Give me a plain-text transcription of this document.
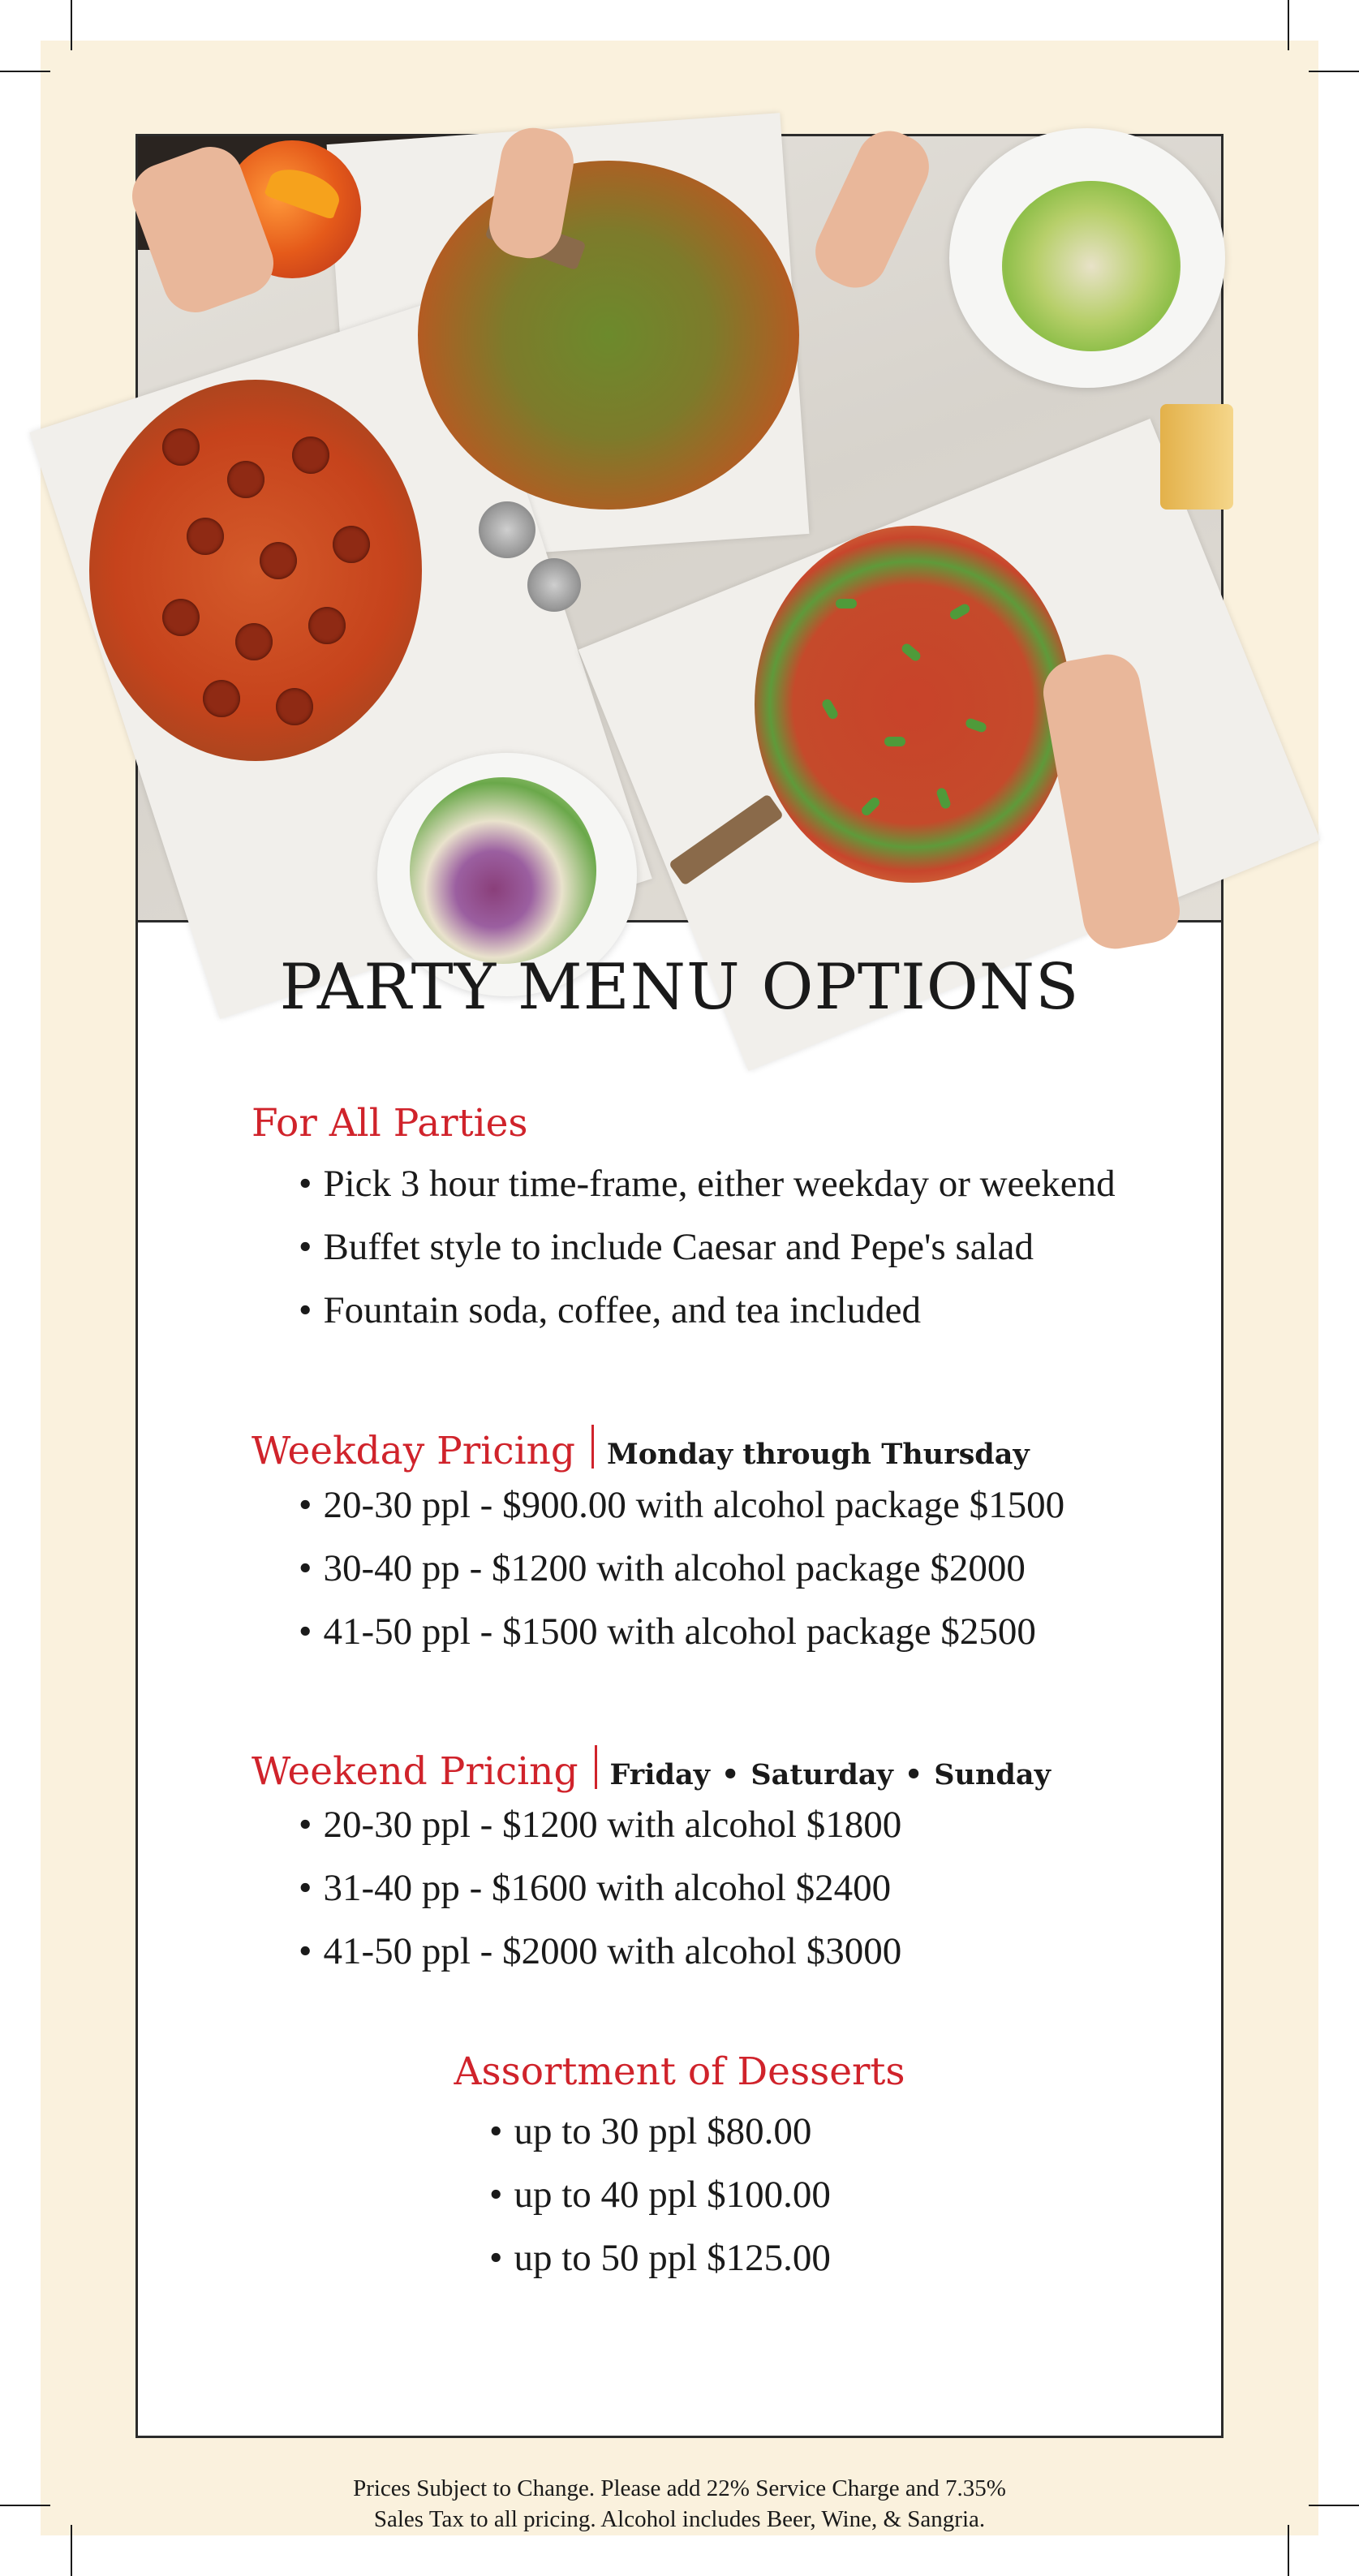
PARTY MENU OPTIONS
For All Parties
• Pick 3 hour time-frame, either weekday or weekend
• Buffet style to include Caesar and Pepe's salad
• Fountain soda, coffee, and tea included
Weekday Pricing Monday through Thursday
• 20-30 ppl - $900.00 with alcohol package $1500
• 30-40 pp - $1200 with alcohol package $2000
• 41-50 ppl - $1500 with alcohol package $2500
Weekend Pricing Friday • Saturday • Sunday
• 20-30 ppl - $1200 with alcohol $1800
• 31-40 pp - $1600 with alcohol $2400
• 41-50 ppl - $2000 with alcohol $3000
Assortment of Desserts
• up to 30 ppl $80.00
• up to 40 ppl $100.00
• up to 50 ppl $125.00
Prices Subject to Change. Please add 22% Service Charge and 7.35%
Sales Tax to all pricing. Alcohol includes Beer, Wine, & Sangria.
